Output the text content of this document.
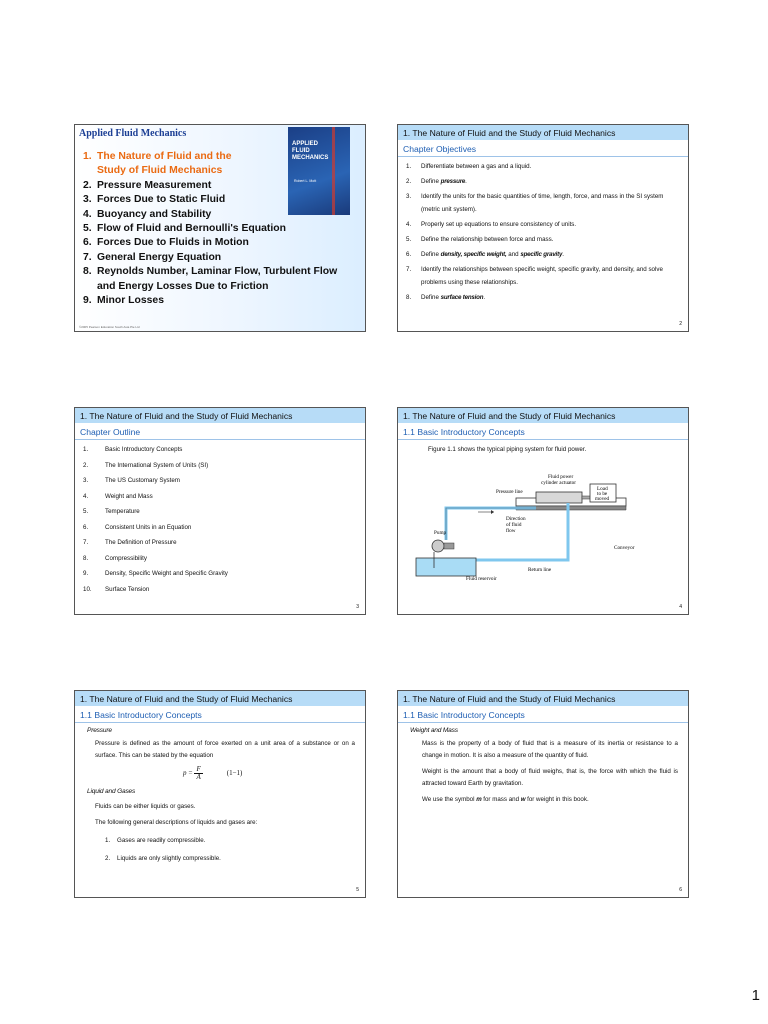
Applied Fluid Mechanics
1. The Nature of Fluid and the
Study of Fluid Mechanics
2. Pressure Measurement
3. Forces Due to Static Fluid
4. Buoyancy and Stability
5. Flow of Fluid and Bernoulli's Equation
6. Forces Due to Fluids in Motion
7. General Energy Equation
8. Reynolds Number, Laminar Flow, Turbulent Flow
and Energy Losses Due to Friction
9. Minor Losses
APPLIED FLUID MECHANICS
Robert L. Mott
©2005 Pearson Education South Asia Pte Ltd
1. The Nature of Fluid and the Study of Fluid Mechanics
Chapter Objectives
1.	Differentiate between a gas and a liquid.
2.	Define pressure.
3.	Identify the units for the basic quantities of time, length, force, and mass in the SI system (metric unit system).
4.	Properly set up equations to ensure consistency of units.
5.	Define the relationship between force and mass.
6.	Define density, specific weight, and specific gravity.
7.	Identify the relationships between specific weight, specific gravity, and density, and solve problems using these relationships.
8.	Define surface tension.
2
1. The Nature of Fluid and the Study of Fluid Mechanics
Chapter Outline
1.	Basic Introductory Concepts
2.	The International System of Units (SI)
3.	The US Customary System
4.	Weight and Mass
5.	Temperature
6.	Consistent Units in an Equation
7.	The Definition of Pressure
8.	Compressibility
9.	Density, Specific Weight and Specific Gravity
10.	Surface Tension
3
1. The Nature of Fluid and the Study of Fluid Mechanics
1.1 Basic Introductory Concepts
Figure 1.1 shows the typical piping system for fluid power.
Fluid power
cylinder actuator
Pressure line	Load
to be
moved
Direction
of fluid
flow
Pump
Conveyor
Return line
Fluid reservoir
4
1. The Nature of Fluid and the Study of Fluid Mechanics
1.1 Basic Introductory Concepts
Pressure
Pressure is defined as the amount of force exerted on a unit area of a substance or on a surface. This can be stated by the equation
$p = \frac{F}{A}$	(1−1)
Liquid and Gases
Fluids can be either liquids or gases.
The following general descriptions of liquids and gases are:
1. Gases are readily compressible.
2. Liquids are only slightly compressible.
5
1. The Nature of Fluid and the Study of Fluid Mechanics
1.1 Basic Introductory Concepts
Weight and Mass
Mass is the property of a body of fluid that is a measure of its inertia or resistance to a change in motion. It is also a measure of the quantity of fluid.
Weight is the amount that a body of fluid weighs, that is, the force with which the fluid is attracted toward Earth by gravitation.
We use the symbol m for mass and w for weight in this book.
6
1
